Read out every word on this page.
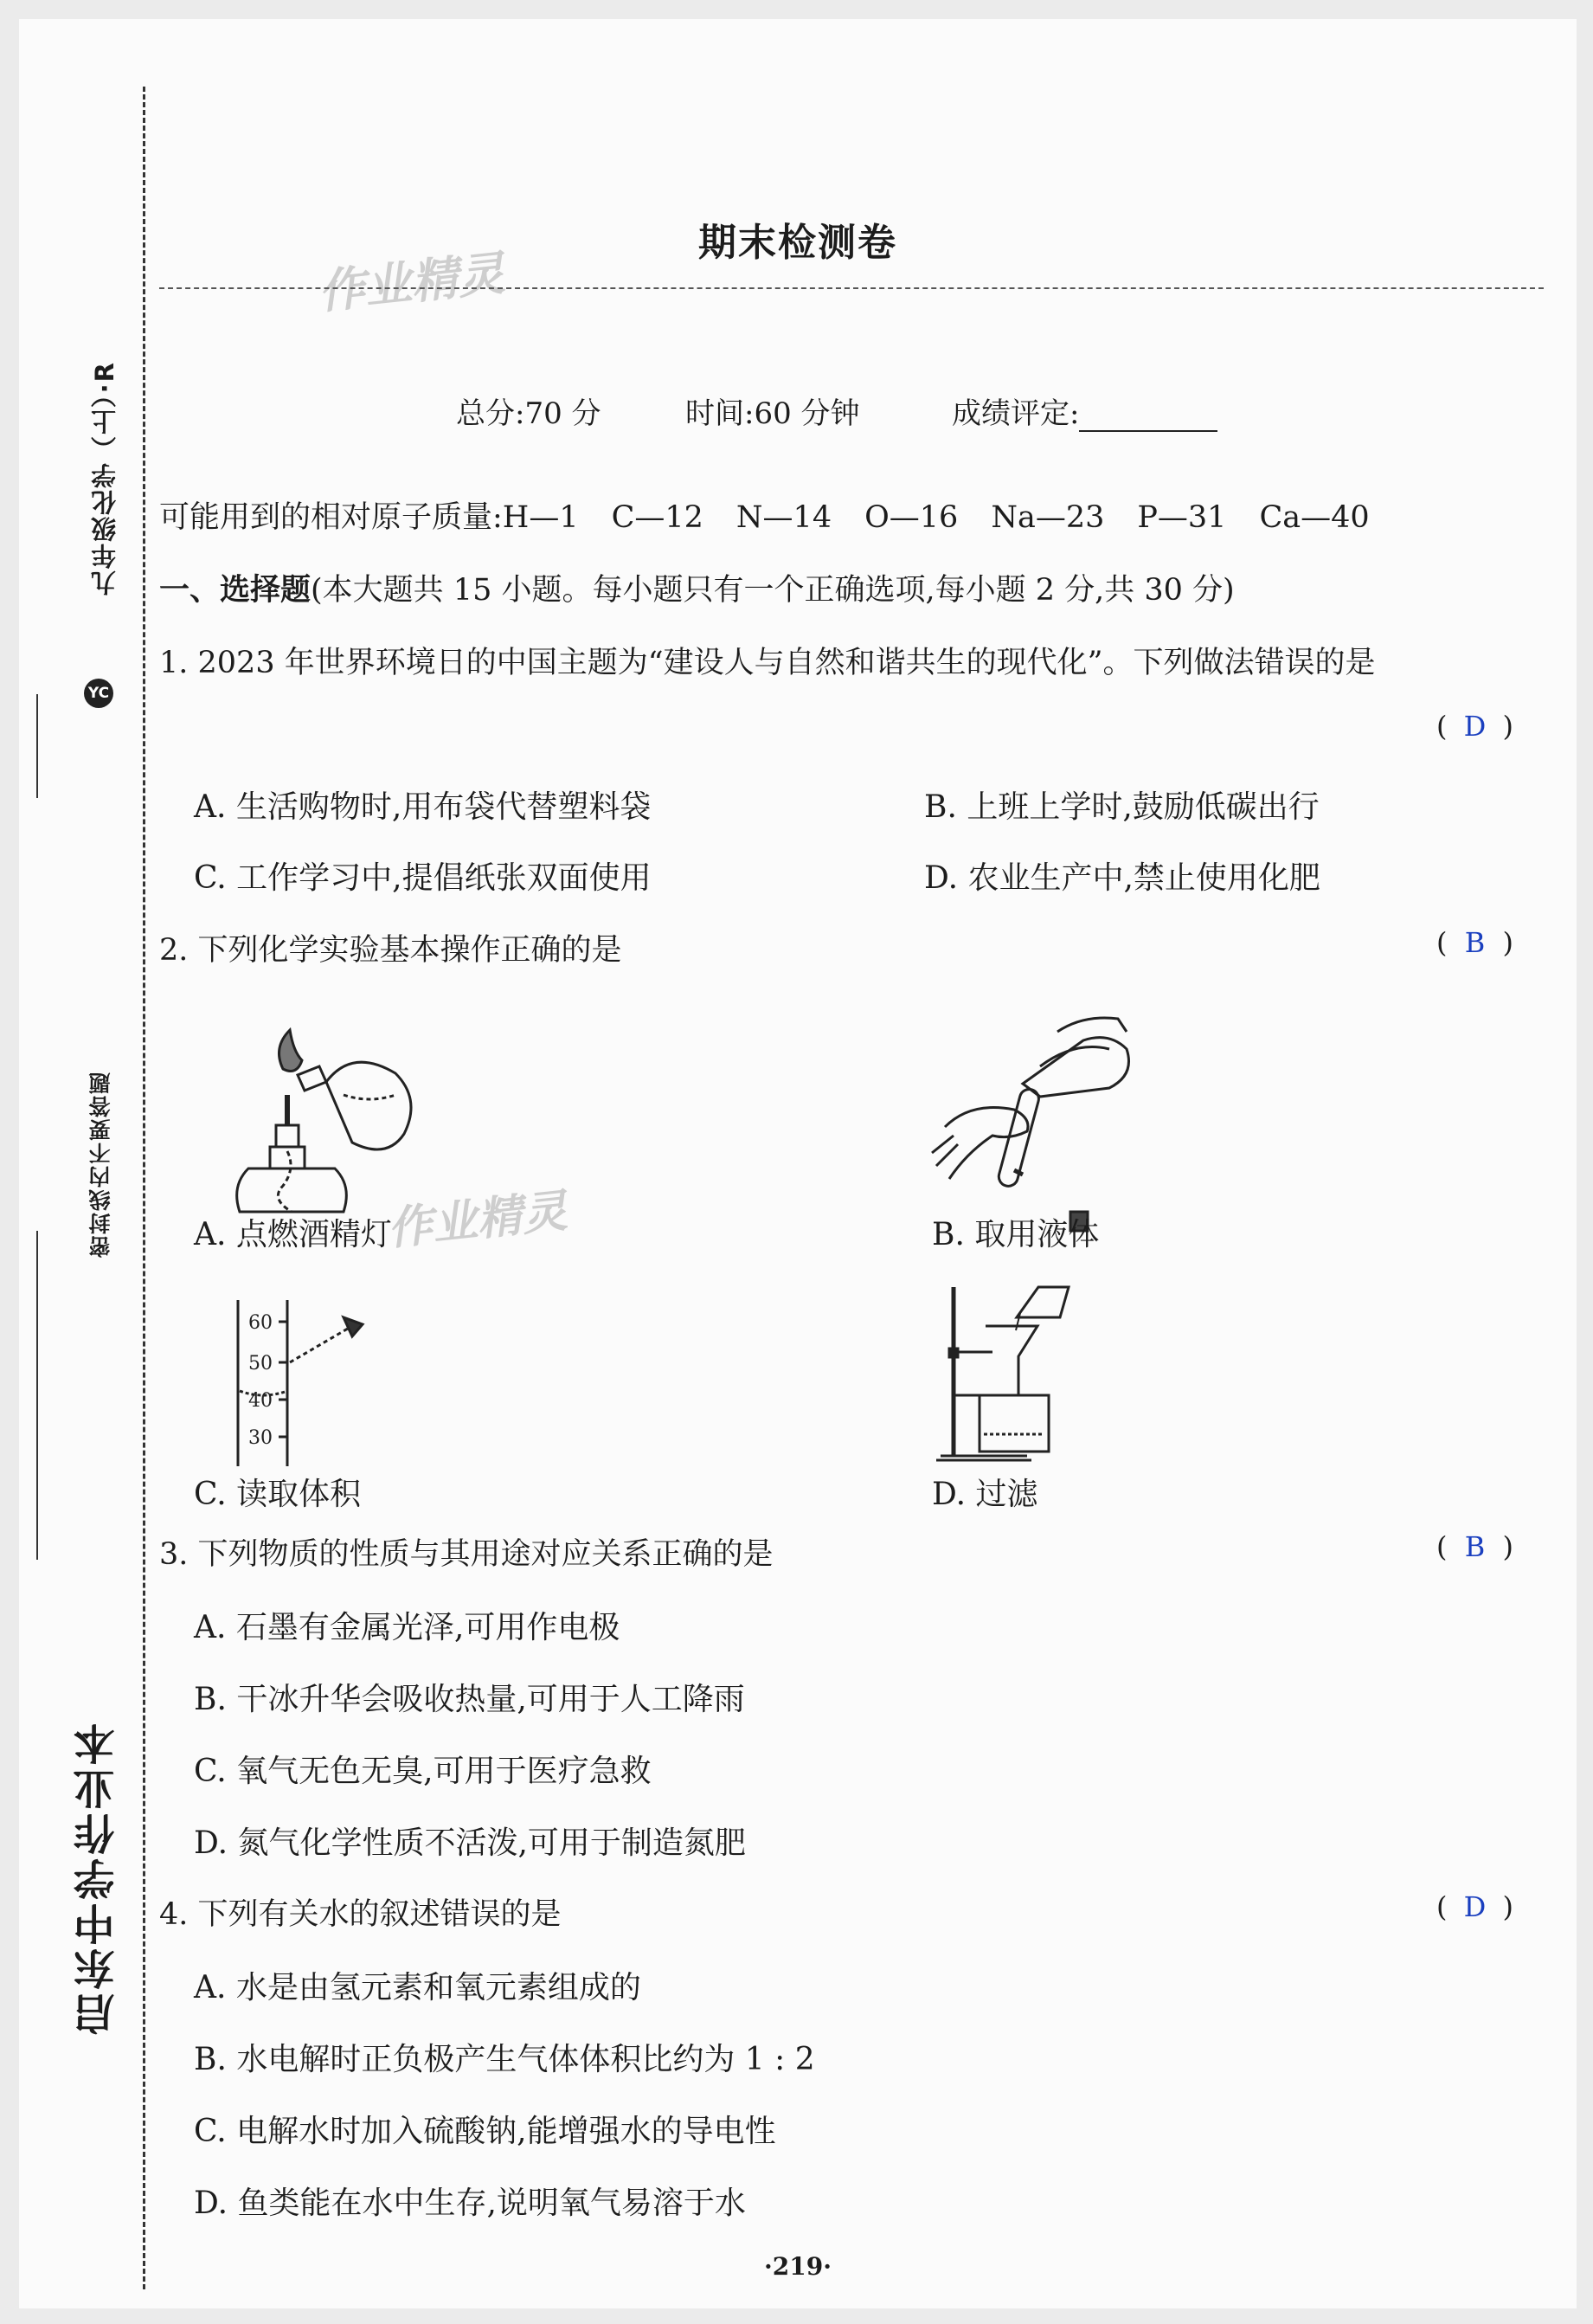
启东中学作业本
YC
九年级化学（上）·R
密封线内不要答题
期末检测卷
作业精灵
作业精灵
总分:70 分	时间:60 分钟	成绩评定:
可能用到的相对原子质量:H—1 C—12 N—14 O—16 Na—23 P—31 Ca—40
一、选择题(本大题共 15 小题。每小题只有一个正确选项,每小题 2 分,共 30 分)
1. 2023 年世界环境日的中国主题为“建设人与自然和谐共生的现代化”。下列做法错误的是
( D )
A. 生活购物时,用布袋代替塑料袋	B. 上班上学时,鼓励低碳出行
C. 工作学习中,提倡纸张双面使用	D. 农业生产中,禁止使用化肥
2. 下列化学实验基本操作正确的是	( B )
A. 点燃酒精灯	B. 取用液体
60
50
40
30
C. 读取体积	D. 过滤
3. 下列物质的性质与其用途对应关系正确的是	( B )
A. 石墨有金属光泽,可用作电极
B. 干冰升华会吸收热量,可用于人工降雨
C. 氧气无色无臭,可用于医疗急救
D. 氮气化学性质不活泼,可用于制造氮肥
4. 下列有关水的叙述错误的是	( D )
A. 水是由氢元素和氧元素组成的
B. 水电解时正负极产生气体体积比约为 1 : 2
C. 电解水时加入硫酸钠,能增强水的导电性
D. 鱼类能在水中生存,说明氧气易溶于水
·219·
